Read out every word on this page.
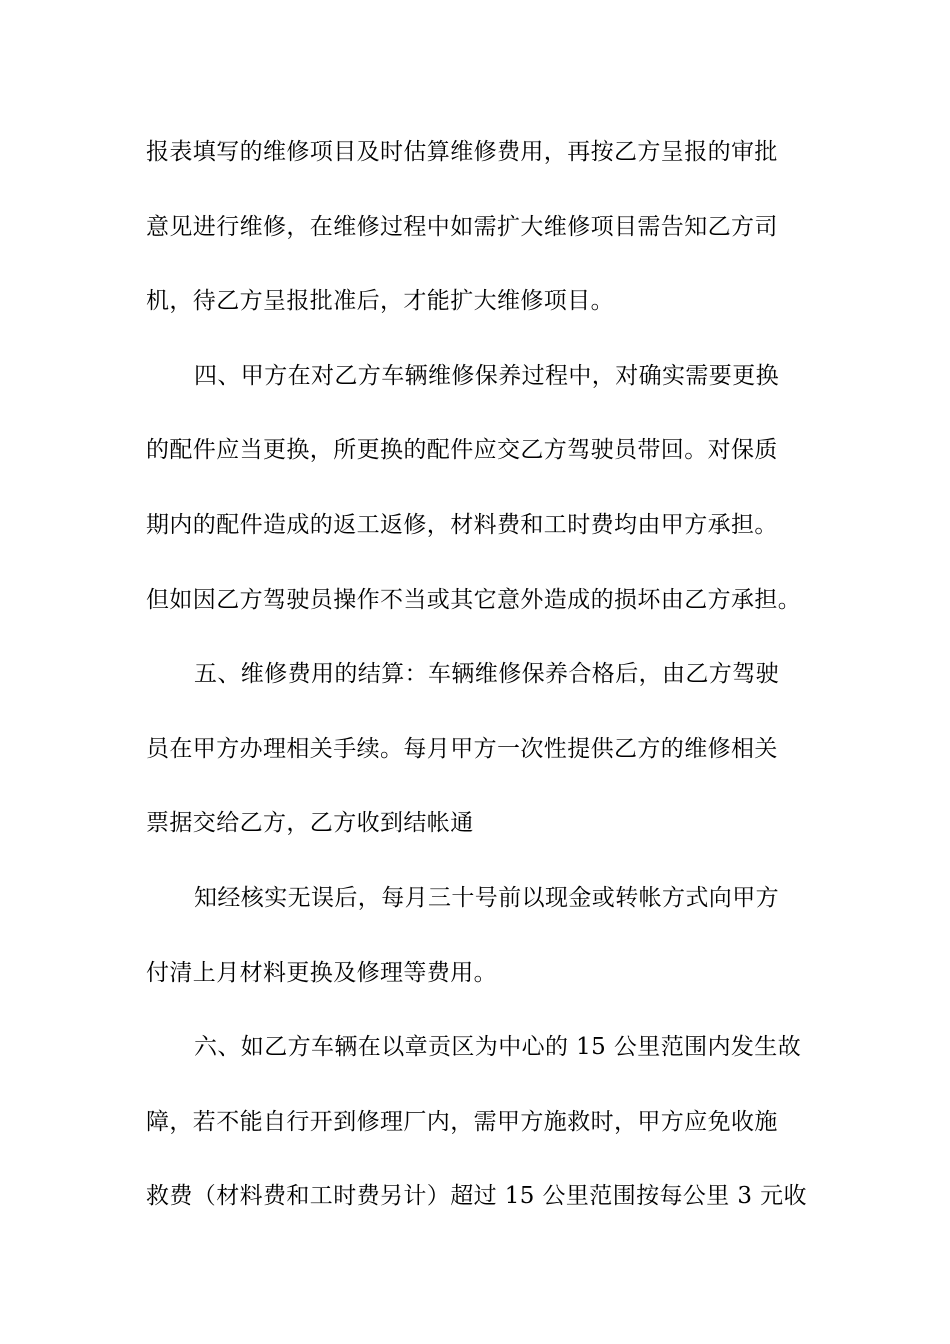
报表填写的维修项目及时估算维修费用，再按乙方呈报的审批
意见进行维修，在维修过程中如需扩大维修项目需告知乙方司
机，待乙方呈报批准后，才能扩大维修项目。
四、甲方在对乙方车辆维修保养过程中，对确实需要更换
的配件应当更换，所更换的配件应交乙方驾驶员带回。对保质
期内的配件造成的返工返修，材料费和工时费均由甲方承担。
但如因乙方驾驶员操作不当或其它意外造成的损坏由乙方承担。
五、维修费用的结算：车辆维修保养合格后，由乙方驾驶
员在甲方办理相关手续。每月甲方一次性提供乙方的维修相关
票据交给乙方，乙方收到结帐通
知经核实无误后，每月三十号前以现金或转帐方式向甲方
付清上月材料更换及修理等费用。
六、如乙方车辆在以章贡区为中心的 15 公里范围内发生故
障，若不能自行开到修理厂内，需甲方施救时，甲方应免收施
救费（材料费和工时费另计）超过 15 公里范围按每公里 3 元收
